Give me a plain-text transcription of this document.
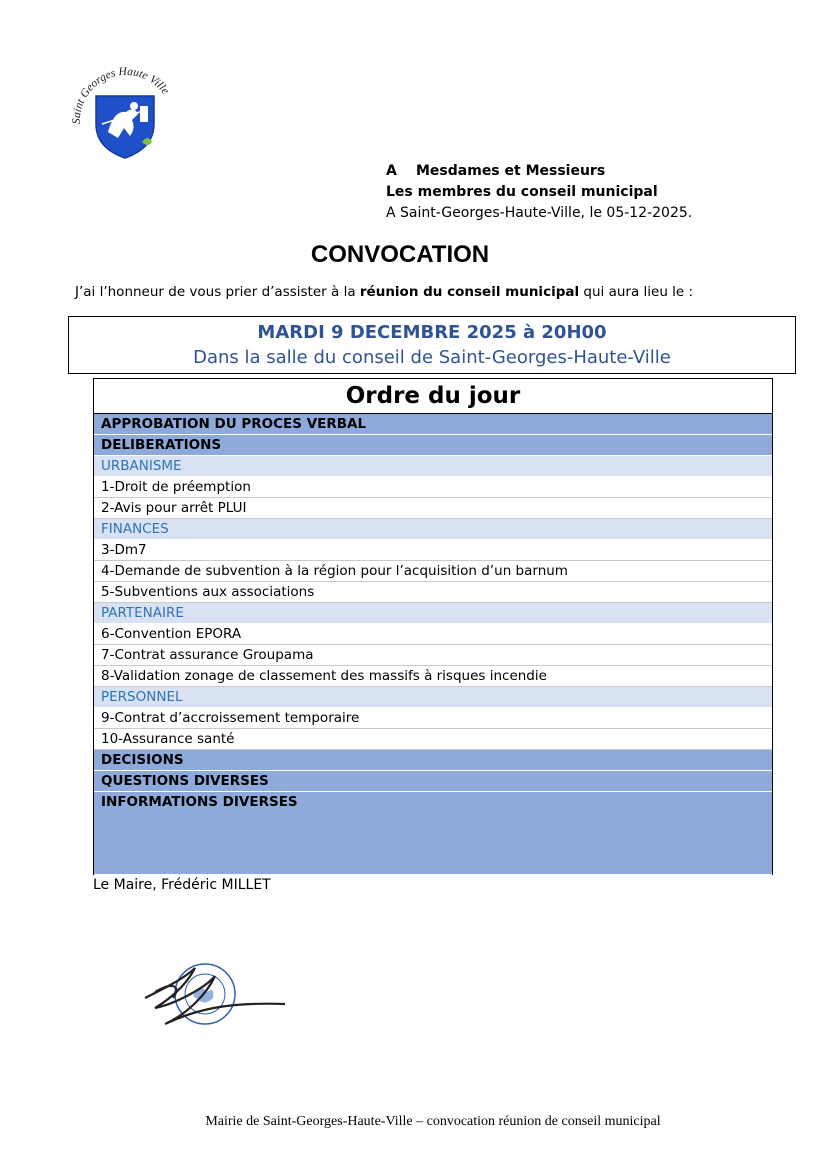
Saint Georges Haute Ville
A Mesdames et Messieurs
Les membres du conseil municipal
A Saint-Georges-Haute-Ville, le 05-12-2025.
CONVOCATION
J’ai l’honneur de vous prier d’assister à la réunion du conseil municipal qui aura lieu le :
MARDI 9 DECEMBRE 2025 à 20H00
Dans la salle du conseil de Saint-Georges-Haute-Ville
Ordre du jour
APPROBATION DU PROCES VERBAL
DELIBERATIONS
URBANISME
1-Droit de préemption
2-Avis pour arrêt PLUI
FINANCES
3-Dm7
4-Demande de subvention à la région pour l’acquisition d’un barnum
5-Subventions aux associations
PARTENAIRE
6-Convention EPORA
7-Contrat assurance Groupama
8-Validation zonage de classement des massifs à risques incendie
PERSONNEL
9-Contrat d’accroissement temporaire
10-Assurance santé
DECISIONS
QUESTIONS DIVERSES
INFORMATIONS DIVERSES
Le Maire, Frédéric MILLET
Mairie de Saint-Georges-Haute-Ville – convocation réunion de conseil municipal
